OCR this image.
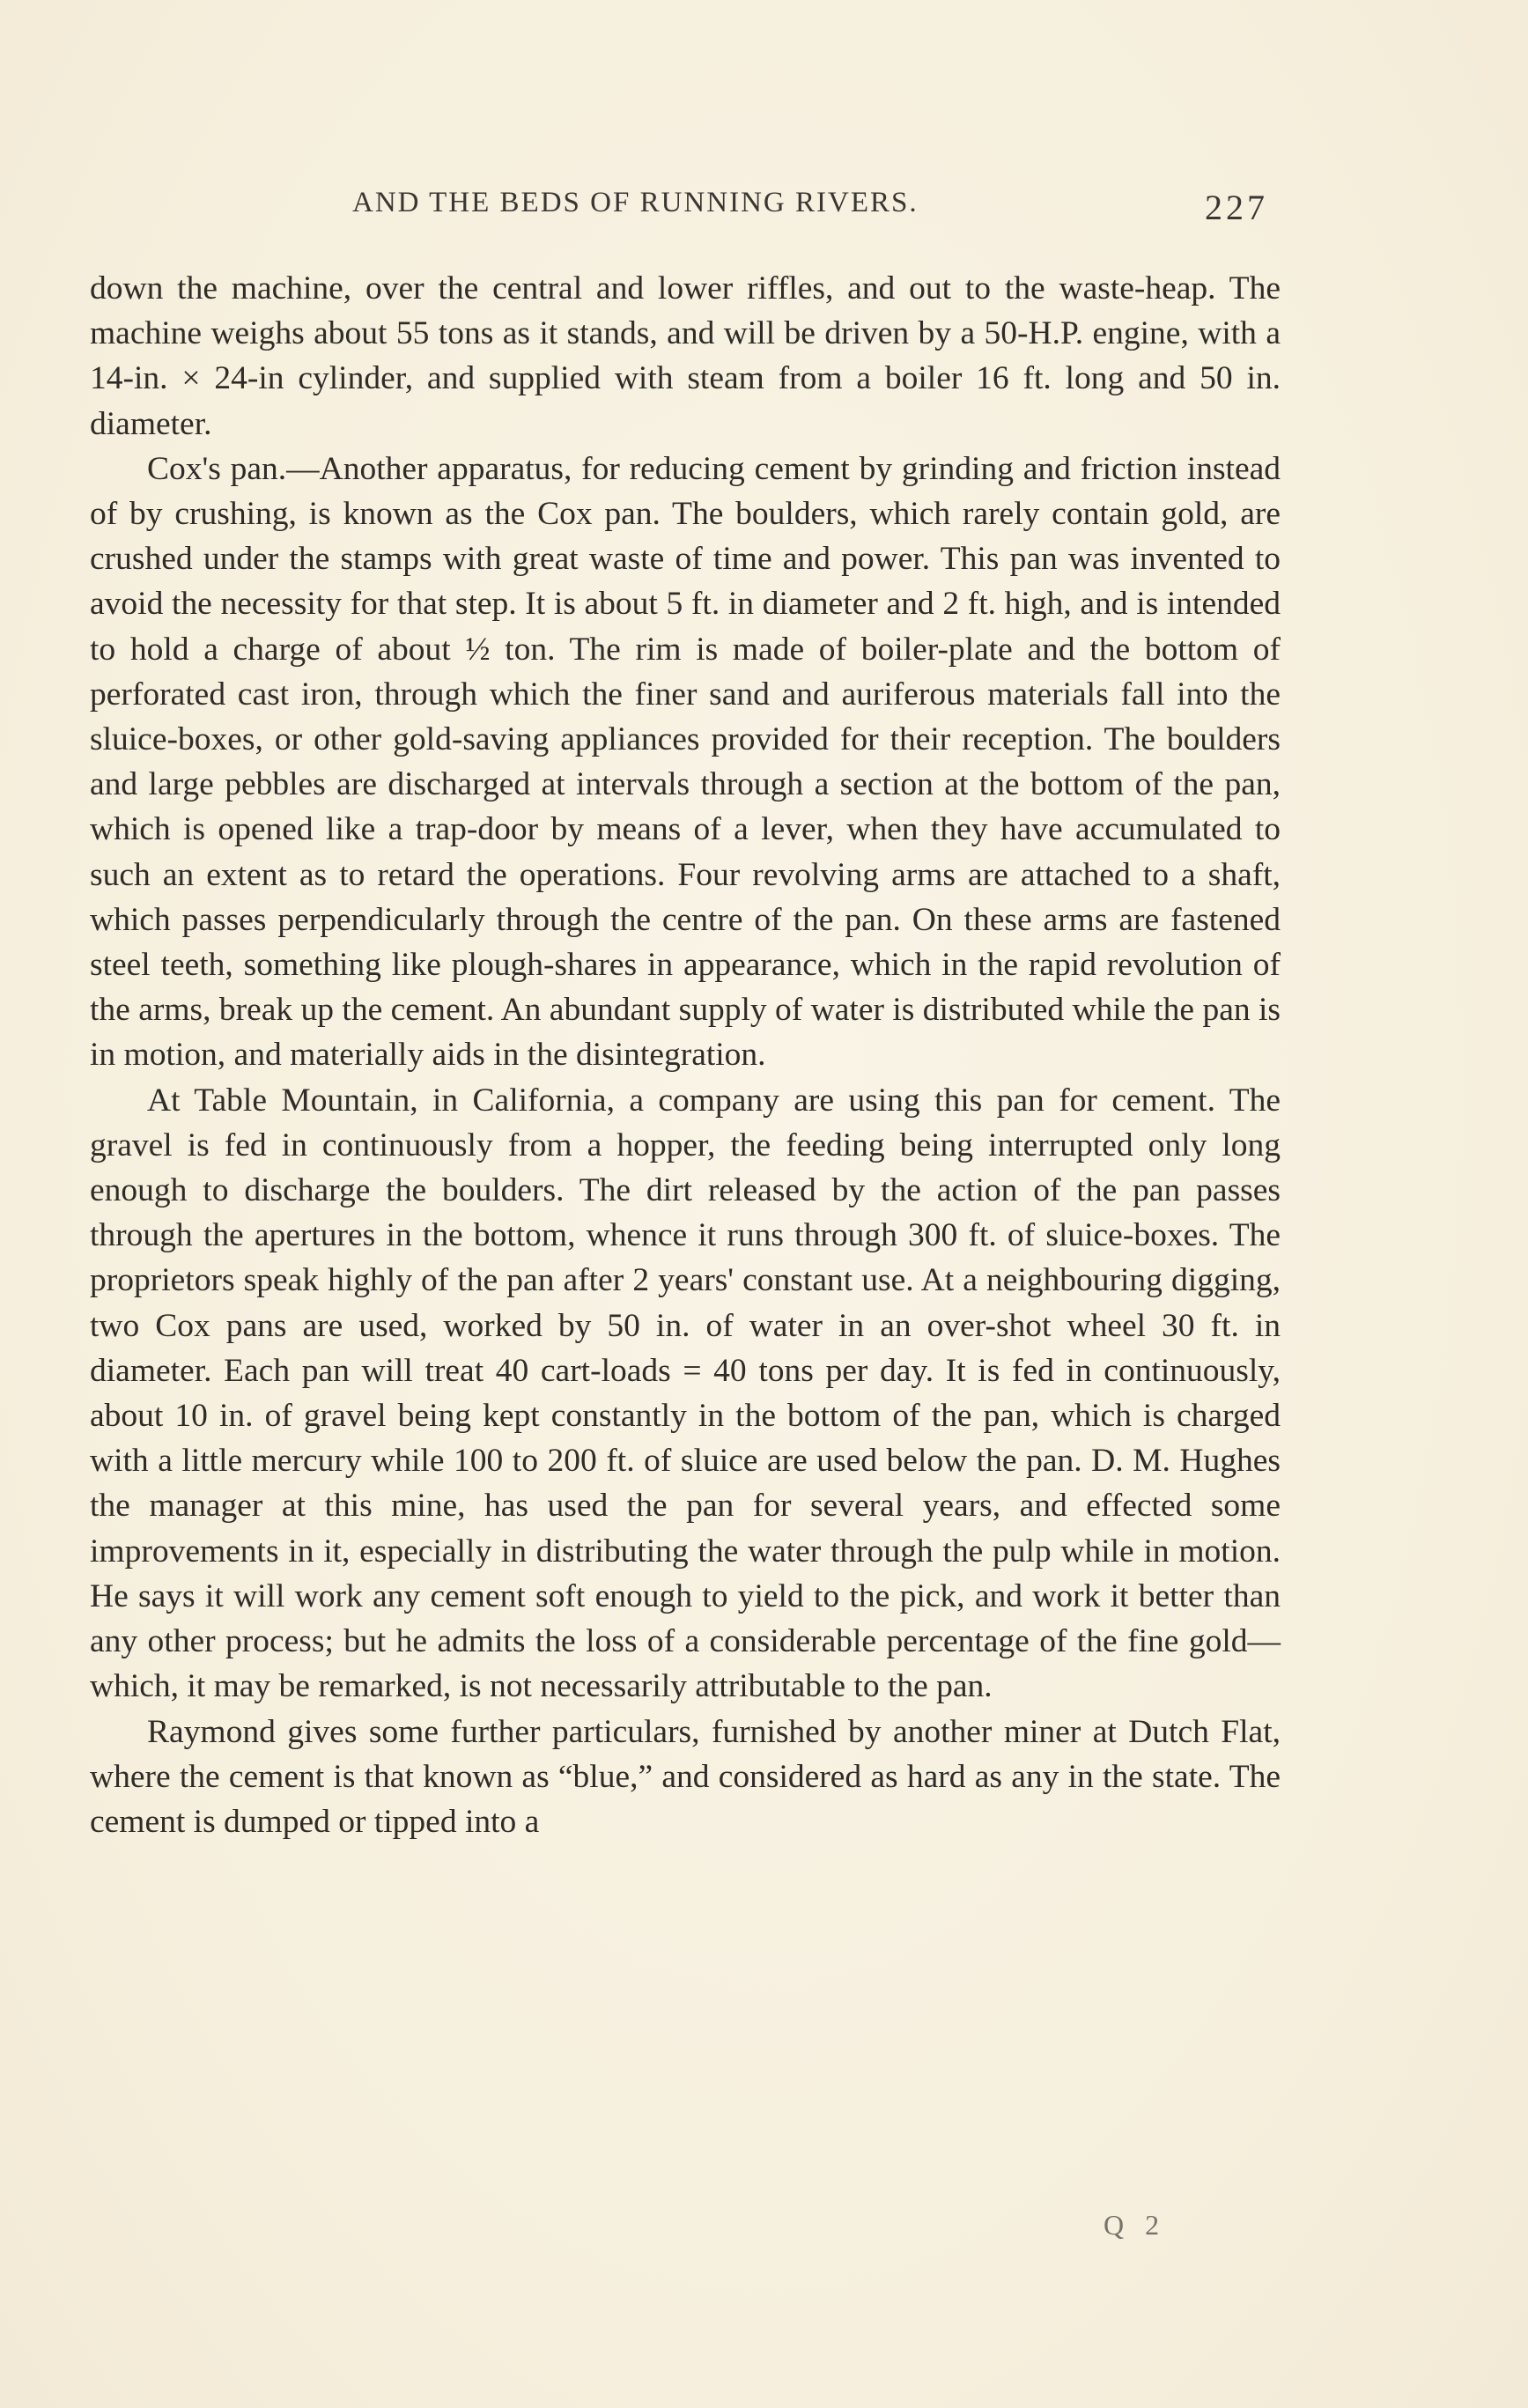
AND THE BEDS OF RUNNING RIVERS.	227

down the machine, over the central and lower riffles, and out to the waste-heap. The machine weighs about 55 tons as it stands, and will be driven by a 50-H.P. engine, with a 14-in. × 24-in cylinder, and supplied with steam from a boiler 16 ft. long and 50 in. diameter.

Cox's pan.—Another apparatus, for reducing cement by grinding and friction instead of by crushing, is known as the Cox pan. The boulders, which rarely contain gold, are crushed under the stamps with great waste of time and power. This pan was invented to avoid the necessity for that step. It is about 5 ft. in diameter and 2 ft. high, and is intended to hold a charge of about ½ ton. The rim is made of boiler-plate and the bottom of perforated cast iron, through which the finer sand and auriferous materials fall into the sluice-boxes, or other gold-saving appliances provided for their reception. The boulders and large pebbles are discharged at intervals through a section at the bottom of the pan, which is opened like a trap-door by means of a lever, when they have accumulated to such an extent as to retard the operations. Four revolving arms are attached to a shaft, which passes perpendicularly through the centre of the pan. On these arms are fastened steel teeth, something like plough-shares in appearance, which in the rapid revolution of the arms, break up the cement. An abundant supply of water is distributed while the pan is in motion, and materially aids in the disintegration.

At Table Mountain, in California, a company are using this pan for cement. The gravel is fed in continuously from a hopper, the feeding being interrupted only long enough to discharge the boulders. The dirt released by the action of the pan passes through the apertures in the bottom, whence it runs through 300 ft. of sluice-boxes. The proprietors speak highly of the pan after 2 years' constant use. At a neighbouring digging, two Cox pans are used, worked by 50 in. of water in an over-shot wheel 30 ft. in diameter. Each pan will treat 40 cart-loads = 40 tons per day. It is fed in continuously, about 10 in. of gravel being kept constantly in the bottom of the pan, which is charged with a little mercury while 100 to 200 ft. of sluice are used below the pan. D. M. Hughes the manager at this mine, has used the pan for several years, and effected some improvements in it, especially in distributing the water through the pulp while in motion. He says it will work any cement soft enough to yield to the pick, and work it better than any other process; but he admits the loss of a considerable percentage of the fine gold—which, it may be remarked, is not necessarily attributable to the pan.

Raymond gives some further particulars, furnished by another miner at Dutch Flat, where the cement is that known as “blue,” and considered as hard as any in the state. The cement is dumped or tipped into a

Q 2
